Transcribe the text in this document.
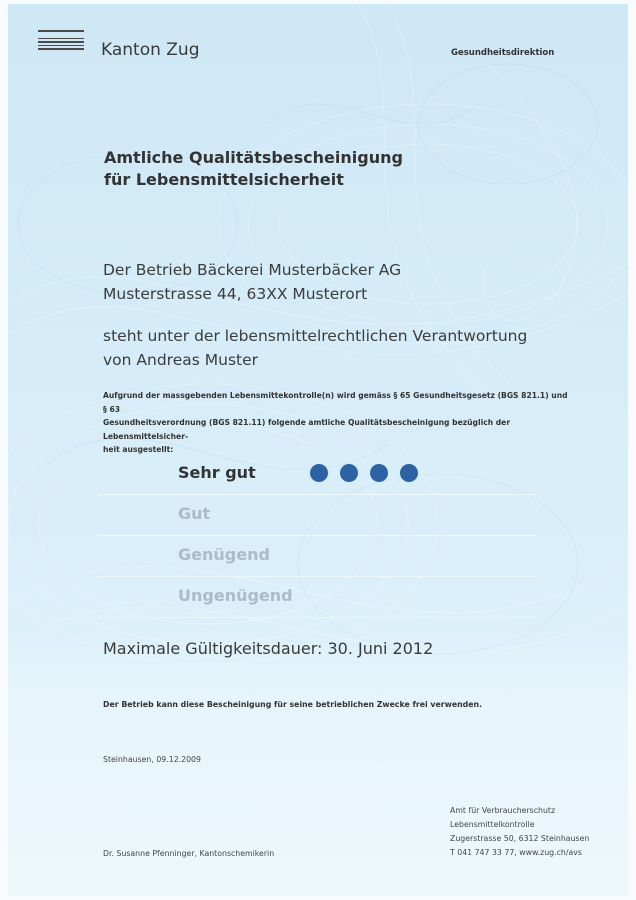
Kanton Zug	Gesundheitsdirektion
Amtliche Qualitätsbescheinigung
für Lebensmittelsicherheit
Der Betrieb Bäckerei Musterbäcker AG
Musterstrasse 44, 63XX Musterort
steht unter der lebensmittelrechtlichen Verantwortung
von Andreas Muster
Aufgrund der massgebenden Lebensmittekontrolle(n) wird gemäss § 65 Gesundheitsgesetz (BGS 821.1) und § 63
Gesundheitsverordnung (BGS 821.11) folgende amtliche Qualitätsbescheinigung bezüglich der Lebensmittelsicher-
heit ausgestellt:
Sehr gut
Gut
Genügend
Ungenügend
Maximale Gültigkeitsdauer: 30. Juni 2012
Der Betrieb kann diese Bescheinigung für seine betrieblichen Zwecke frei verwenden.
Steinhausen, 09.12.2009
Dr. Susanne Pfenninger, Kantonschemikerin
Amt für Verbraucherschutz
Lebensmittelkontrolle
Zugerstrasse 50, 6312 Steinhausen
T 041 747 33 77, www.zug.ch/avs
